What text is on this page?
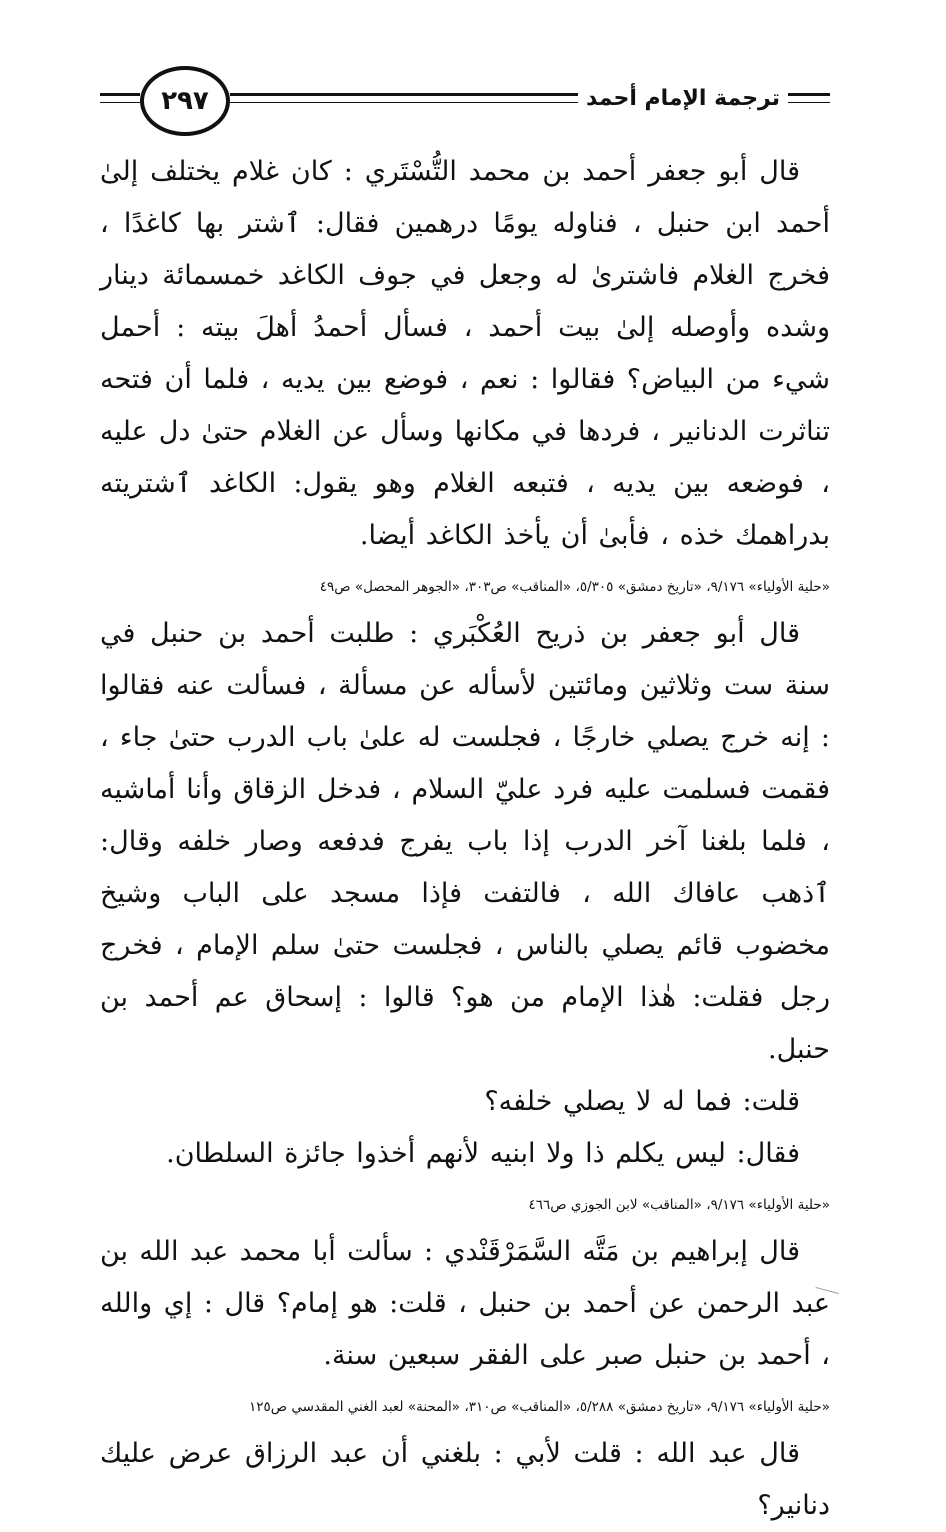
ترجمة الإمام أحمد
٢٩٧

قال أبو جعفر أحمد بن محمد التُّسْتَري : كان غلام يختلف إلىٰ أحمد ابن حنبل ، فناوله يومًا درهمين فقال: ٱشتر بها كاغدًا ، فخرج الغلام فاشترىٰ له وجعل في جوف الكاغد خمسمائة دينار وشده وأوصله إلىٰ بيت أحمد ، فسأل أحمدُ أهلَ بيته : أحمل شيء من البياض؟ فقالوا : نعم ، فوضع بين يديه ، فلما أن فتحه تناثرت الدنانير ، فردها في مكانها وسأل عن الغلام حتىٰ دل عليه ، فوضعه بين يديه ، فتبعه الغلام وهو يقول: الكاغد ٱشتريته بدراهمك خذه ، فأبىٰ أن يأخذ الكاغد أيضا.

«حلية الأولياء» ٩/١٧٦، «تاريخ دمشق» ٥/٣٠٥، «المناقب» ص٣٠٣، «الجوهر المحصل» ص٤٩

قال أبو جعفر بن ذريح العُكْبَري : طلبت أحمد بن حنبل في سنة ست وثلاثين ومائتين لأسأله عن مسألة ، فسألت عنه فقالوا : إنه خرج يصلي خارجًا ، فجلست له علىٰ باب الدرب حتىٰ جاء ، فقمت فسلمت عليه فرد عليّ السلام ، فدخل الزقاق وأنا أماشيه ، فلما بلغنا آخر الدرب إذا باب يفرج فدفعه وصار خلفه وقال: ٱذهب عافاك الله ، فالتفت فإذا مسجد على الباب وشيخ مخضوب قائم يصلي بالناس ، فجلست حتىٰ سلم الإمام ، فخرج رجل فقلت: هٰذا الإمام من هو؟ قالوا : إسحاق عم أحمد بن حنبل.

قلت: فما له لا يصلي خلفه؟

فقال: ليس يكلم ذا ولا ابنيه لأنهم أخذوا جائزة السلطان.

«حلية الأولياء» ٩/١٧٦، «المناقب» لابن الجوزي ص٤٦٦

قال إبراهيم بن مَتَّه السَّمَرْقَنْدي : سألت أبا محمد عبد الله بن عبد الرحمن عن أحمد بن حنبل ، قلت: هو إمام؟ قال : إي والله ، أحمد بن حنبل صبر على الفقر سبعين سنة.

«حلية الأولياء» ٩/١٧٦، «تاريخ دمشق» ٥/٢٨٨، «المناقب» ص٣١٠، «المحنة» لعبد الغني المقدسي ص١٢٥

قال عبد الله : قلت لأبي : بلغني أن عبد الرزاق عرض عليك دنانير؟
